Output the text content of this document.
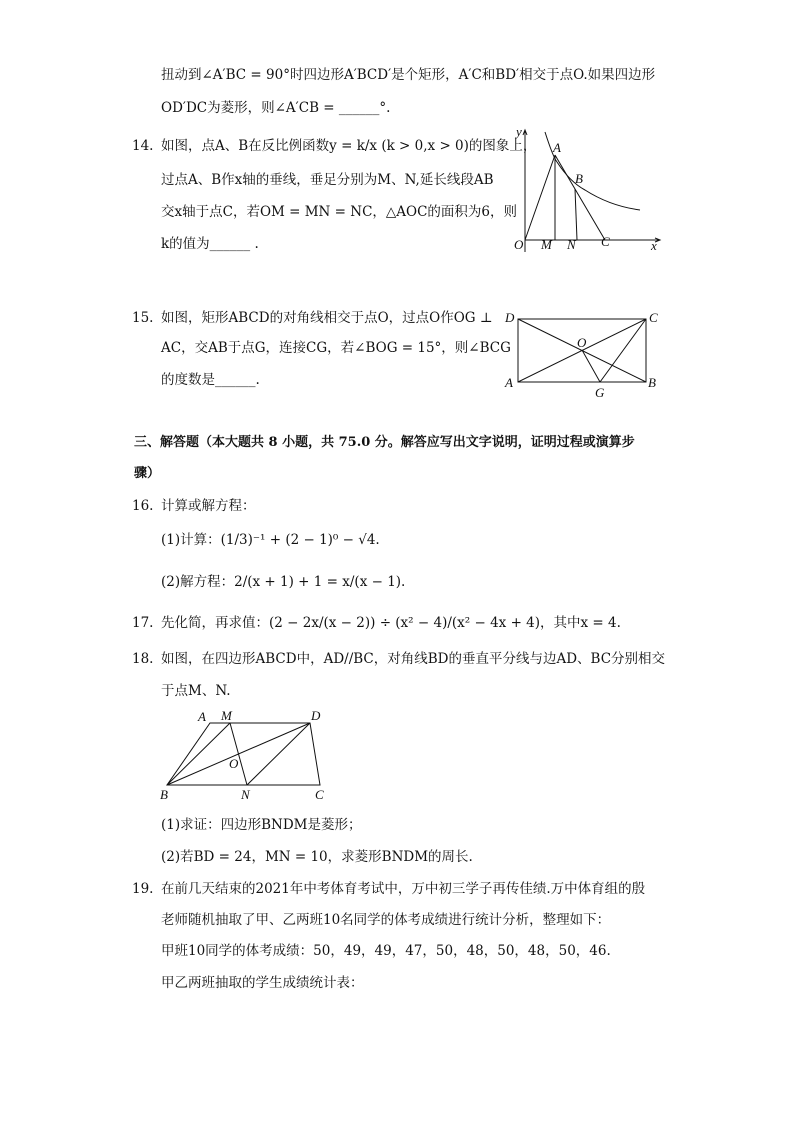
扭动到∠A′BC = 90°时四边形A′BCD′是个矩形，A′C和BD′相交于点O.如果四边形
OD′DC为菱形，则∠A′CB = ______°.
14. 如图，点A、B在反比例函数y = k/x (k > 0,x > 0)的图象上，
过点A、B作x轴的垂线，垂足分别为M、N,延长线段AB
交x轴于点C，若OM = MN = NC，△AOC的面积为6，则
k的值为______ .
y
x
O M N C
A
B
15. 如图，矩形ABCD的对角线相交于点O，过点O作OG ⊥
AC，交AB于点G，连接CG，若∠BOG = 15°，则∠BCG
的度数是______.
D	C
A	B
O
G
三、解答题（本大题共 8 小题，共 75.0 分。解答应写出文字说明，证明过程或演算步
骤）
16. 计算或解方程：
(1)计算：(1/3)⁻¹ + (2 − 1)⁰ − √4.
(2)解方程：2/(x + 1) + 1 = x/(x − 1).
17. 先化简，再求值：(2 − 2x/(x − 2)) ÷ (x² − 4)/(x² − 4x + 4)，其中x = 4.
18. 如图，在四边形ABCD中，AD//BC，对角线BD的垂直平分线与边AD、BC分别相交
于点M、N.
A M	D
O
B	N	C
(1)求证：四边形BNDM是菱形；
(2)若BD = 24，MN = 10，求菱形BNDM的周长.
19. 在前几天结束的2021年中考体育考试中，万中初三学子再传佳绩.万中体育组的殷
老师随机抽取了甲、乙两班10名同学的体考成绩进行统计分析，整理如下：
甲班10同学的体考成绩：50，49，49，47，50，48，50，48，50，46.
甲乙两班抽取的学生成绩统计表：
